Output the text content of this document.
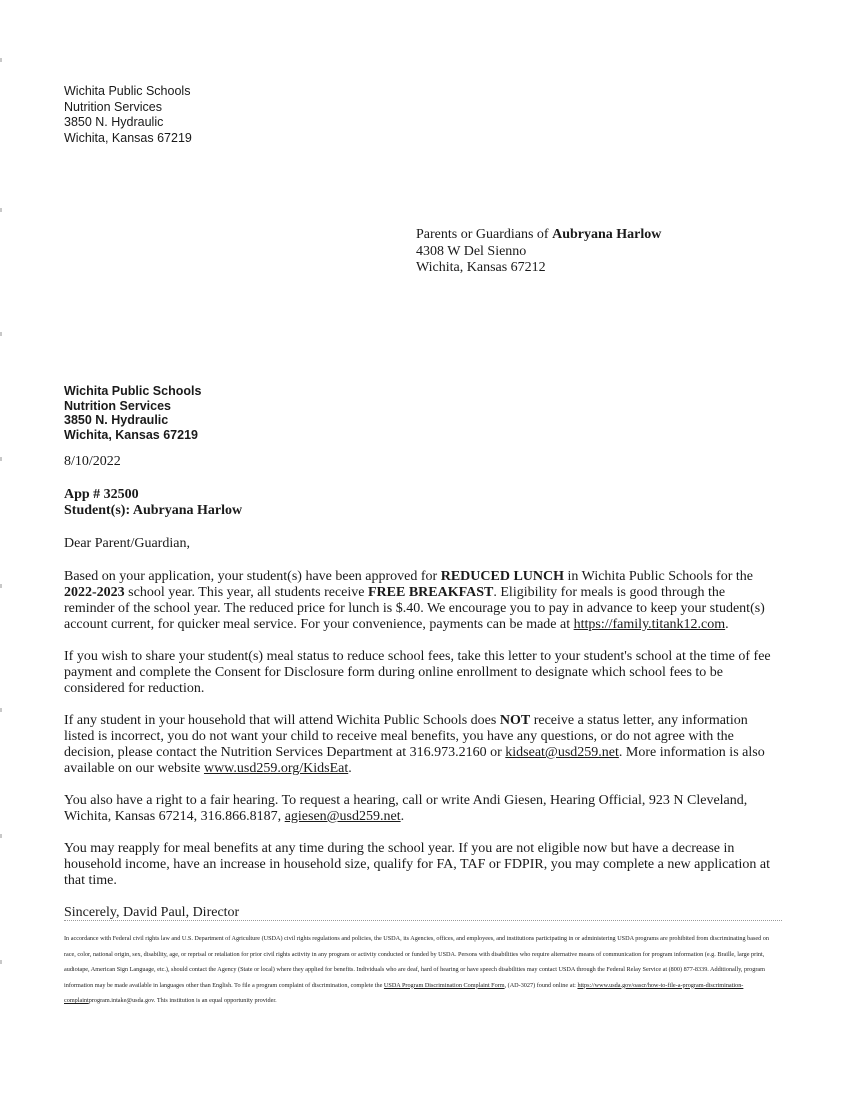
Wichita Public Schools
Nutrition Services
3850 N. Hydraulic
Wichita, Kansas 67219
Parents or Guardians of Aubryana Harlow
4308 W Del Sienno
Wichita, Kansas 67212
Wichita Public Schools
Nutrition Services
3850 N. Hydraulic
Wichita, Kansas 67219

8/10/2022

App # 32500
Student(s): Aubryana Harlow

Dear Parent/Guardian,

Based on your application, your student(s) have been approved for REDUCED LUNCH in Wichita Public Schools for the 2022-2023 school year. This year, all students receive FREE BREAKFAST. Eligibility for meals is good through the reminder of the school year. The reduced price for lunch is $.40. We encourage you to pay in advance to keep your student(s) account current, for quicker meal service. For your convenience, payments can be made at https://family.titank12.com.

If you wish to share your student(s) meal status to reduce school fees, take this letter to your student's school at the time of fee payment and complete the Consent for Disclosure form during online enrollment to designate which school fees to be considered for reduction.

If any student in your household that will attend Wichita Public Schools does NOT receive a status letter, any information listed is incorrect, you do not want your child to receive meal benefits, you have any questions, or do not agree with the decision, please contact the Nutrition Services Department at 316.973.2160 or kidseat@usd259.net. More information is also available on our website www.usd259.org/KidsEat.

You also have a right to a fair hearing. To request a hearing, call or write Andi Giesen, Hearing Official, 923 N Cleveland, Wichita, Kansas 67214, 316.866.8187, agiesen@usd259.net.

You may reapply for meal benefits at any time during the school year. If you are not eligible now but have a decrease in household income, have an increase in household size, qualify for FA, TAF or FDPIR, you may complete a new application at that time.

Sincerely, David Paul, Director

In accordance with Federal civil rights law and U.S. Department of Agriculture (USDA) civil rights regulations and policies, the USDA, its Agencies, offices, and employees, and institutions participating in or administering USDA programs are prohibited from discriminating based on race, color, national origin, sex, disability, age, or reprisal or retaliation for prior civil rights activity in any program or activity conducted or funded by USDA. Persons with disabilities who require alternative means of communication for program information (e.g. Braille, large print, audiotape, American Sign Language, etc.), should contact the Agency (State or local) where they applied for benefits. Individuals who are deaf, hard of hearing or have speech disabilities may contact USDA through the Federal Relay Service at (800) 877-8339. Additionally, program information may be made available in languages other than English. To file a program complaint of discrimination, complete the USDA Program Discrimination Complaint Form, (AD-3027) found online at: https://www.usda.gov/oascr/how-to-file-a-program-discrimination-complaintprogram.intake@usda.gov. This institution is an equal opportunity provider.
